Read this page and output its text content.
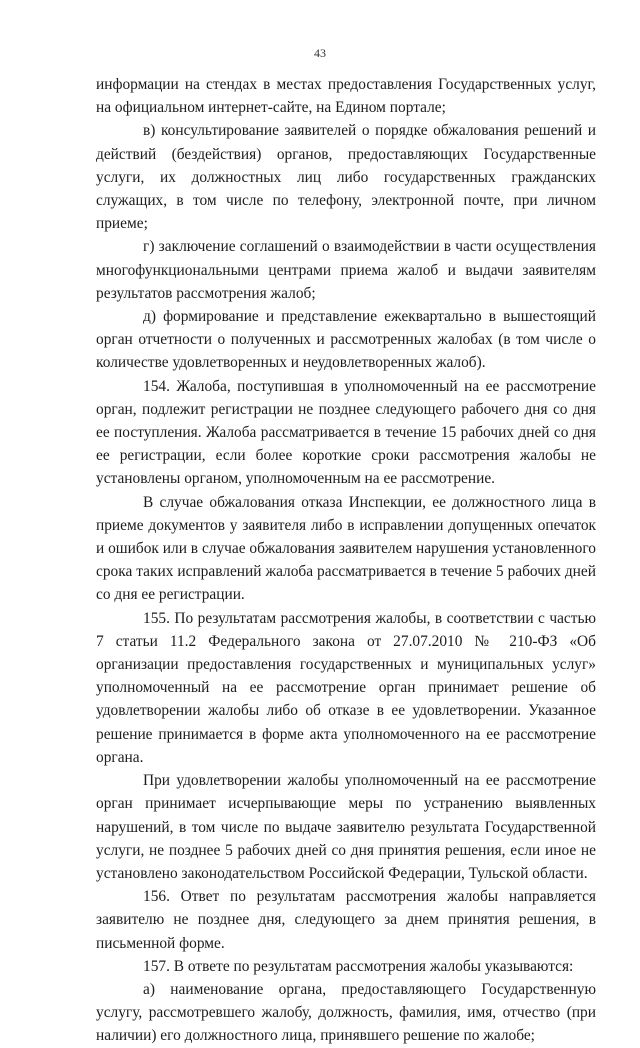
43

информации на стендах в местах предоставления Государственных услуг, на официальном интернет-сайте, на Едином портале;

в) консультирование заявителей о порядке обжалования решений и действий (бездействия) органов, предоставляющих Государственные услуги, их должностных лиц либо государственных гражданских служащих, в том числе по телефону, электронной почте, при личном приеме;

г) заключение соглашений о взаимодействии в части осуществления многофункциональными центрами приема жалоб и выдачи заявителям результатов рассмотрения жалоб;

д) формирование и представление ежеквартально в вышестоящий орган отчетности о полученных и рассмотренных жалобах (в том числе о количестве удовлетворенных и неудовлетворенных жалоб).

154. Жалоба, поступившая в уполномоченный на ее рассмотрение орган, подлежит регистрации не позднее следующего рабочего дня со дня ее поступления. Жалоба рассматривается в течение 15 рабочих дней со дня ее регистрации, если более короткие сроки рассмотрения жалобы не установлены органом, уполномоченным на ее рассмотрение.

В случае обжалования отказа Инспекции, ее должностного лица в приеме документов у заявителя либо в исправлении допущенных опечаток и ошибок или в случае обжалования заявителем нарушения установленного срока таких исправлений жалоба рассматривается в течение 5 рабочих дней со дня ее регистрации.

155. По результатам рассмотрения жалобы, в соответствии с частью 7 статьи 11.2 Федерального закона от 27.07.2010 № 210-ФЗ «Об организации предоставления государственных и муниципальных услуг» уполномоченный на ее рассмотрение орган принимает решение об удовлетворении жалобы либо об отказе в ее удовлетворении. Указанное решение принимается в форме акта уполномоченного на ее рассмотрение органа.

При удовлетворении жалобы уполномоченный на ее рассмотрение орган принимает исчерпывающие меры по устранению выявленных нарушений, в том числе по выдаче заявителю результата Государственной услуги, не позднее 5 рабочих дней со дня принятия решения, если иное не установлено законодательством Российской Федерации, Тульской области.

156. Ответ по результатам рассмотрения жалобы направляется заявителю не позднее дня, следующего за днем принятия решения, в письменной форме.

157. В ответе по результатам рассмотрения жалобы указываются:

а) наименование органа, предоставляющего Государственную услугу, рассмотревшего жалобу, должность, фамилия, имя, отчество (при наличии) его должностного лица, принявшего решение по жалобе;
